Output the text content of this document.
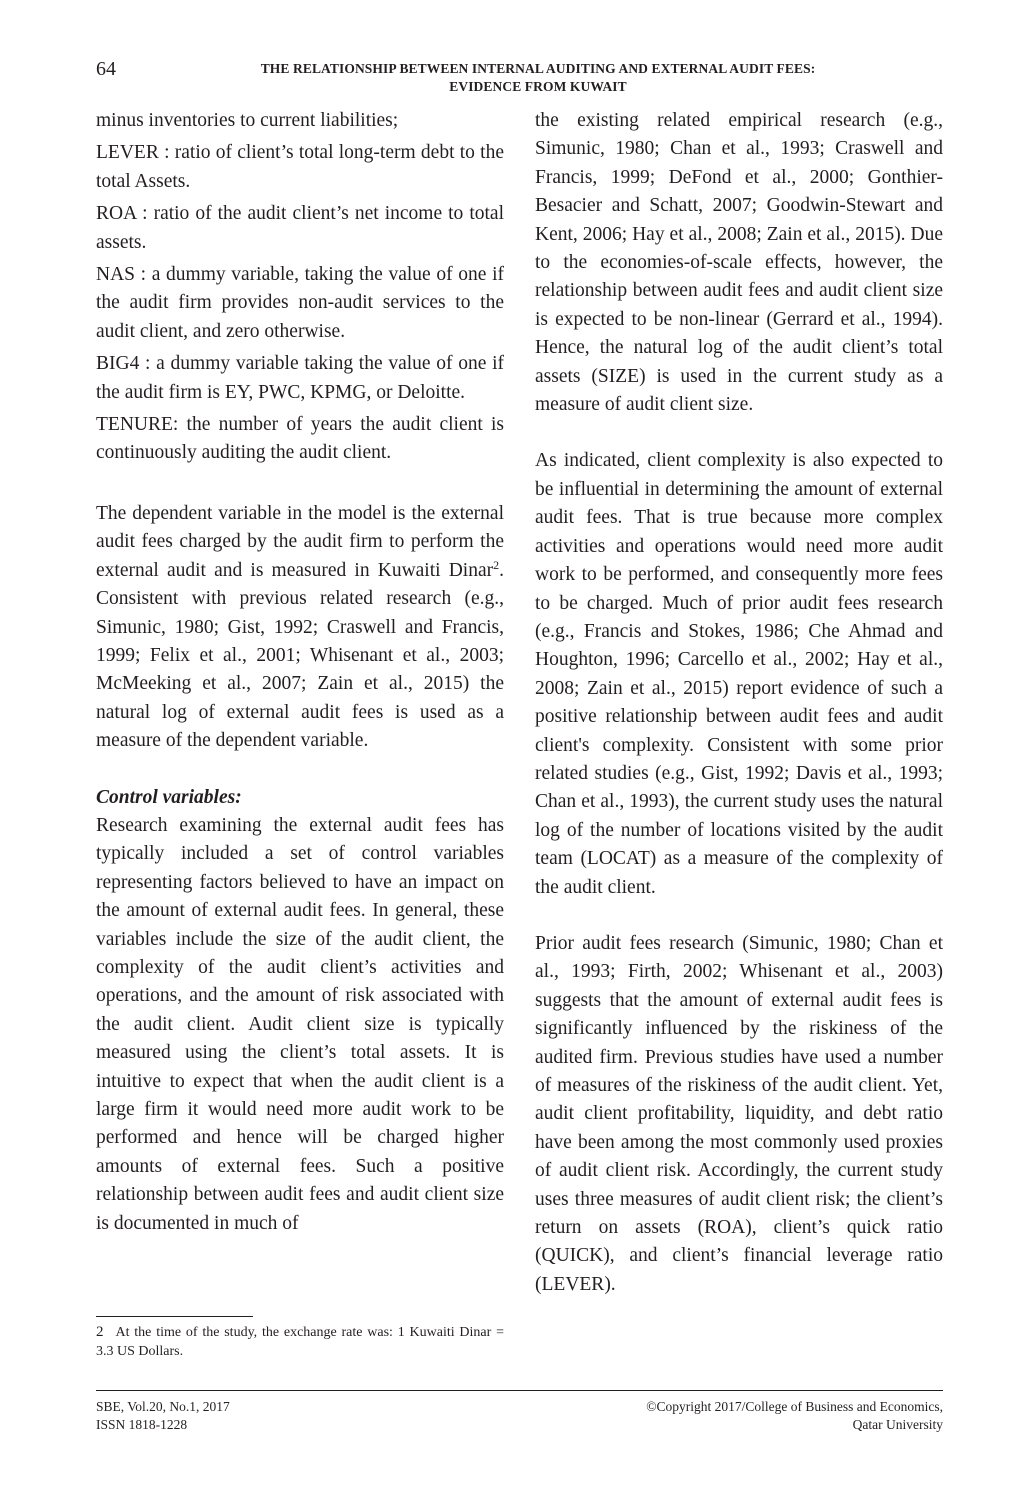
64	THE RELATIONSHIP BETWEEN INTERNAL AUDITING AND EXTERNAL AUDIT FEES:
EVIDENCE FROM KUWAIT

minus inventories to current liabilities;

LEVER : ratio of client’s total long-term debt to the total Assets.

ROA : ratio of the audit client’s net income to total assets.

NAS : a dummy variable, taking the value of one if the audit firm provides non-audit services to the audit client, and zero otherwise.

BIG4 : a dummy variable taking the value of one if the audit firm is EY, PWC, KPMG, or Deloitte.

TENURE: the number of years the audit client is continuously auditing the audit client.

The dependent variable in the model is the external audit fees charged by the audit firm to perform the external audit and is measured in Kuwaiti Dinar$^2$. Consistent with previous related research (e.g., Simunic, 1980; Gist, 1992; Craswell and Francis, 1999; Felix et al., 2001; Whisenant et al., 2003; McMeeking et al., 2007; Zain et al., 2015) the natural log of external audit fees is used as a measure of the dependent variable.

Control variables:

Research examining the external audit fees has typically included a set of control variables representing factors believed to have an impact on the amount of external audit fees. In general, these variables include the size of the audit client, the complexity of the audit client’s activities and operations, and the amount of risk associated with the audit client. Audit client size is typically measured using the client’s total assets. It is intuitive to expect that when the audit client is a large firm it would need more audit work to be performed and hence will be charged higher amounts of external fees. Such a positive relationship between audit fees and audit client size is documented in much of

the existing related empirical research (e.g., Simunic, 1980; Chan et al., 1993; Craswell and Francis, 1999; DeFond et al., 2000; Gonthier-Besacier and Schatt, 2007; Goodwin-Stewart and Kent, 2006; Hay et al., 2008; Zain et al., 2015). Due to the economies-of-scale effects, however, the relationship between audit fees and audit client size is expected to be non-linear (Gerrard et al., 1994). Hence, the natural log of the audit client’s total assets (SIZE) is used in the current study as a measure of audit client size.

As indicated, client complexity is also expected to be influential in determining the amount of external audit fees. That is true because more complex activities and operations would need more audit work to be performed, and consequently more fees to be charged. Much of prior audit fees research (e.g., Francis and Stokes, 1986; Che Ahmad and Houghton, 1996; Carcello et al., 2002; Hay et al., 2008; Zain et al., 2015) report evidence of such a positive relationship between audit fees and audit client's complexity. Consistent with some prior related studies (e.g., Gist, 1992; Davis et al., 1993; Chan et al., 1993), the current study uses the natural log of the number of locations visited by the audit team (LOCAT) as a measure of the complexity of the audit client.

Prior audit fees research (Simunic, 1980; Chan et al., 1993; Firth, 2002; Whisenant et al., 2003) suggests that the amount of external audit fees is significantly influenced by the riskiness of the audited firm. Previous studies have used a number of measures of the riskiness of the audit client. Yet, audit client profitability, liquidity, and debt ratio have been among the most commonly used proxies of audit client risk. Accordingly, the current study uses three measures of audit client risk; the client’s return on assets (ROA), client’s quick ratio (QUICK), and client’s financial leverage ratio (LEVER).

2 At the time of the study, the exchange rate was: 1 Kuwaiti Dinar = 3.3 US Dollars.
SBE, Vol.20, No.1, 2017
ISSN 1818-1228
©Copyright 2017/College of Business and Economics,
Qatar University
